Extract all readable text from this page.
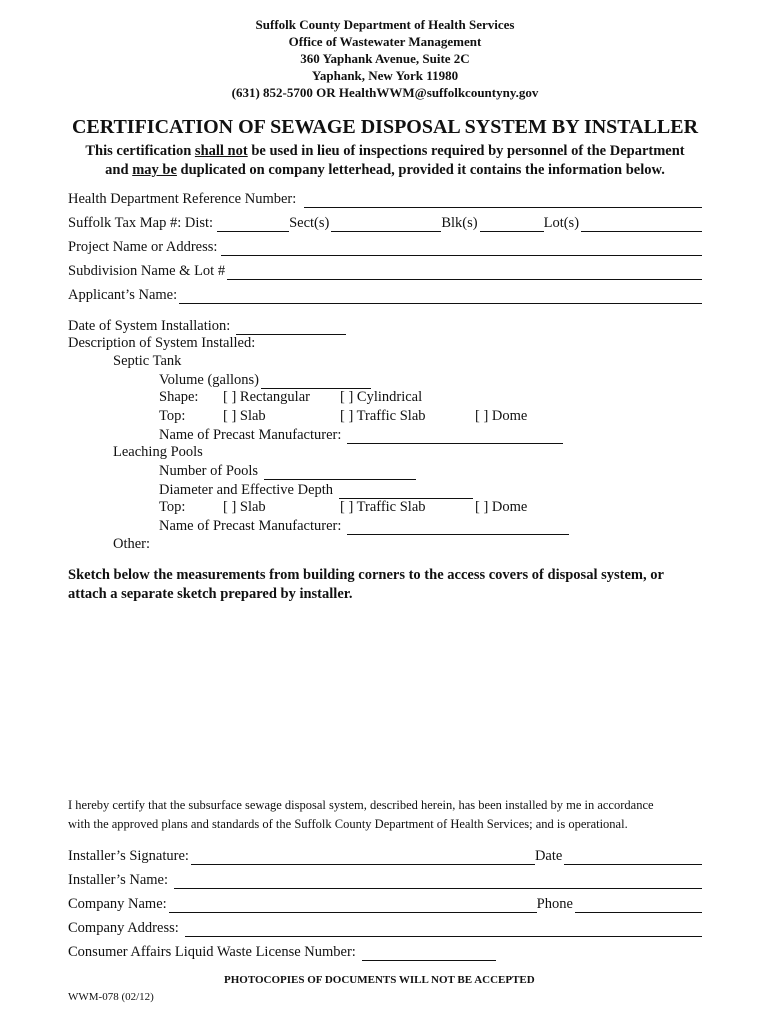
Suffolk County Department of Health Services
Office of Wastewater Management
360 Yaphank Avenue, Suite 2C
Yaphank, New York 11980
(631) 852-5700 OR HealthWWM@suffolkcountyny.gov
CERTIFICATION OF SEWAGE DISPOSAL SYSTEM BY INSTALLER
This certification shall not be used in lieu of inspections required by personnel of the Department
and may be duplicated on company letterhead, provided it contains the information below.
Health Department Reference Number:
Suffolk Tax Map #: Dist:	Sect(s)	Blk(s)	Lot(s)
Project Name or Address:
Subdivision Name & Lot #
Applicant’s Name:
Date of System Installation:
Description of System Installed:
Septic Tank
Volume (gallons)
Shape: [ ] Rectangular [ ] Cylindrical
Top:	[ ] Slab	[ ] Traffic Slab	[ ] Dome
Name of Precast Manufacturer:
Leaching Pools
Number of Pools
Diameter and Effective Depth
Top:	[ ] Slab	[ ] Traffic Slab	[ ] Dome
Name of Precast Manufacturer:
Other:
Sketch below the measurements from building corners to the access covers of disposal system, or
attach a separate sketch prepared by installer.
I hereby certify that the subsurface sewage disposal system, described herein, has been installed by me in accordance
with the approved plans and standards of the Suffolk County Department of Health Services; and is operational.
Installer’s Signature:	Date
Installer’s Name:
Company Name:	Phone
Company Address:
Consumer Affairs Liquid Waste License Number:
PHOTOCOPIES OF DOCUMENTS WILL NOT BE ACCEPTED
WWM-078 (02/12)
